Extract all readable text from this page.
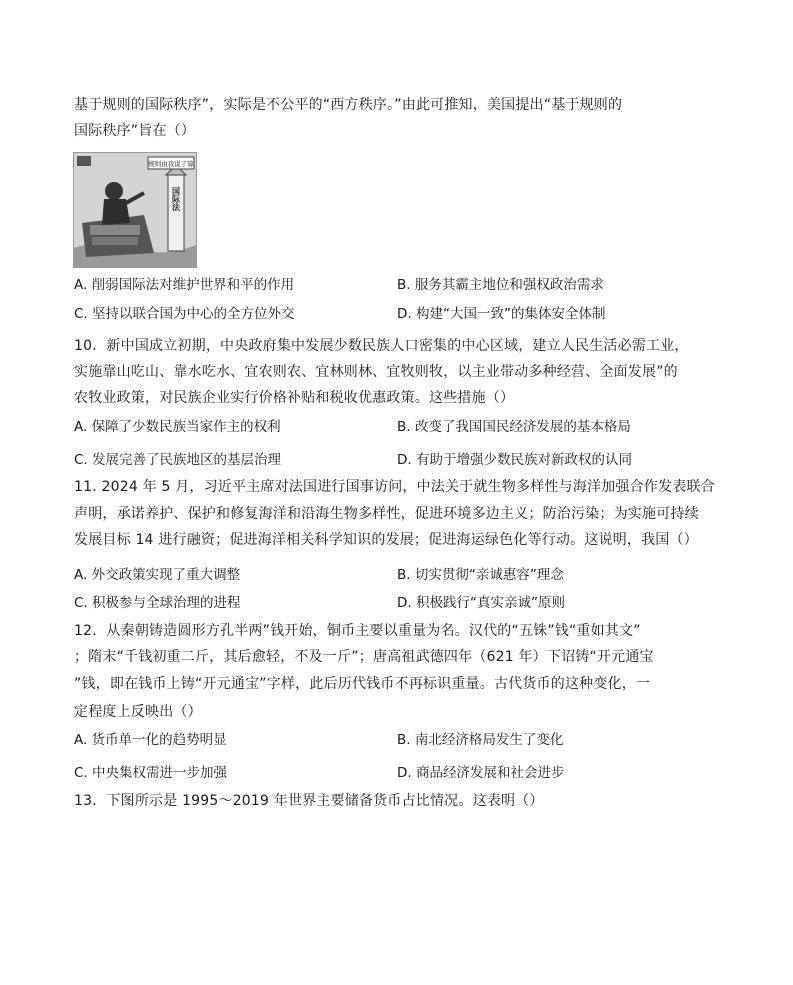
基于规则的国际秩序”，实际是不公平的“西方秩序。”由此可推知，美国提出“基于规则的
国际秩序”旨在（）
规则由我说了算
国际法
A. 削弱国际法对维护世界和平的作用	B. 服务其霸主地位和强权政治需求
C. 坚持以联合国为中心的全方位外交	D. 构建“大国一致”的集体安全体制
10．新中国成立初期，中央政府集中发展少数民族人口密集的中心区域，建立人民生活必需工业，
实施靠山吃山、靠水吃水、宜农则农、宜林则林、宜牧则牧，以主业带动多种经营、全面发展”的
农牧业政策，对民族企业实行价格补贴和税收优惠政策。这些措施（）
A. 保障了少数民族当家作主的权利	B. 改变了我国国民经济发展的基本格局
C. 发展完善了民族地区的基层治理	D. 有助于增强少数民族对新政权的认同
11. 2024 年 5 月，习近平主席对法国进行国事访问，中法关于就生物多样性与海洋加强合作发表联合
声明，承诺养护、保护和修复海洋和沿海生物多样性，促进环境多边主义；防治污染；为实施可持续
发展目标 14 进行融资；促进海洋相关科学知识的发展；促进海运绿色化等行动。这说明，我国（）
A. 外交政策实现了重大调整	B. 切实贯彻“亲诚惠容”理念
C. 积极参与全球治理的进程	D. 积极践行“真实亲诚”原则
12．从秦朝铸造圆形方孔半两”钱开始，铜币主要以重量为名。汉代的“五铢”钱“重如其文”
；隋末“千钱初重二斤，其后愈轻，不及一斤”；唐高祖武德四年（621 年）下诏铸“开元通宝
”钱，即在钱币上铸“开元通宝”字样，此后历代钱币不再标识重量。古代货币的这种变化，一
定程度上反映出（）
A. 货币单一化的趋势明显	B. 南北经济格局发生了变化
C. 中央集权需进一步加强	D. 商品经济发展和社会进步
13．下图所示是 1995～2019 年世界主要储备货币占比情况。这表明（）
